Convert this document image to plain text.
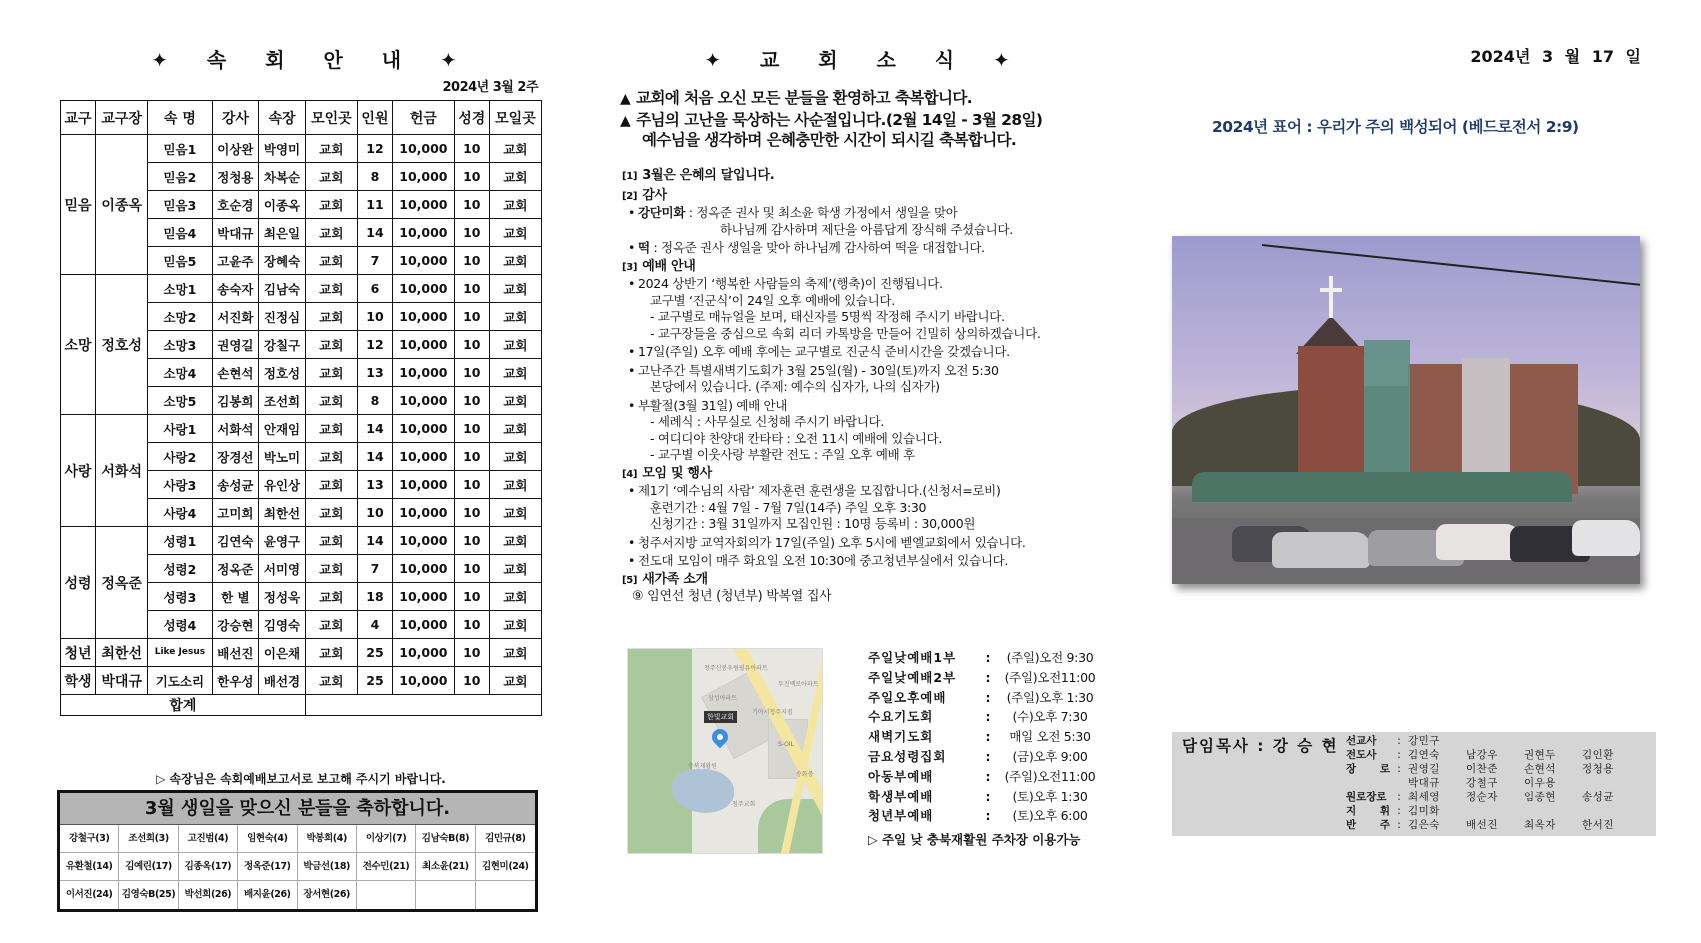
✦ 속 회 안 내 ✦
2024년 3월 2주
교구	교구장	속 명	강사	속장	모인곳	인원	헌금	성경	모일곳
믿음	이종옥	믿음1	이상완	박영미	교회	12	10,000	10	교회
		믿음2	정청용	차복순	교회	8	10,000	10	교회
		믿음3	호순경	이종옥	교회	11	10,000	10	교회
		믿음4	박대규	최은일	교회	14	10,000	10	교회
		믿음5	고윤주	장혜숙	교회	7	10,000	10	교회
소망	정호성	소망1	송숙자	김남숙	교회	6	10,000	10	교회
		소망2	서진화	진정심	교회	10	10,000	10	교회
		소망3	권영길	강칠구	교회	12	10,000	10	교회
		소망4	손현석	정호성	교회	13	10,000	10	교회
		소망5	김봉희	조선희	교회	8	10,000	10	교회
사랑	서화석	사랑1	서화석	안재임	교회	14	10,000	10	교회
		사랑2	장경선	박노미	교회	14	10,000	10	교회
		사랑3	송성균	유인상	교회	13	10,000	10	교회
		사랑4	고미희	최한선	교회	10	10,000	10	교회
성령	정옥준	성령1	김연숙	윤영구	교회	14	10,000	10	교회
		성령2	정옥준	서미영	교회	7	10,000	10	교회
		성령3	한 별	정성욱	교회	18	10,000	10	교회
		성령4	강승현	김영숙	교회	4	10,000	10	교회
청년	최한선	Like Jesus	배선진	이은채	교회	25	10,000	10	교회
학생	박대규	기도소리	한우성	배선경	교회	25	10,000	10	교회
합계									
▷ 속장님은 속회예배보고서로 보고해 주시기 바랍니다.
3월 생일을 맞으신 분들을 축하합니다.
강철구(3)	조선희(3)	고진범(4)	임현숙(4)	박봉희(4)	이상기(7)	김남숙B(8)	김민규(8)
유환철(14)	김예린(17)	김종옥(17)	정옥준(17)	박금선(18)	전수민(21)	최소윤(21)	김현미(24)
이서진(24) 김영숙B(25) 박선희(26)	배지윤(26)	장서현(26)
✦ 교 회 소 식 ✦
▲ 교회에 처음 오신 모든 분들을 환영하고 축복합니다.
▲ 주님의 고난을 묵상하는 사순절입니다.(2월 14일 - 3월 28일)
예수님을 생각하며 은혜충만한 시간이 되시길 축복합니다.
[1] 3월은 은혜의 달입니다.
[2] 감사
• 강단미화 : 정옥준 권사 및 최소윤 학생 가정에서 생일을 맞아
하나님께 감사하며 제단을 아름답게 장식해 주셨습니다.
• 떡 : 정옥준 권사 생일을 맞아 하나님께 감사하여 떡을 대접합니다.
[3] 예배 안내
• 2024 상반기 ‘행복한 사람들의 축제’(행축)이 진행됩니다.
교구별 ‘진군식’이 24일 오후 예배에 있습니다.
- 교구별로 매뉴얼을 보며, 태신자를 5명씩 작정해 주시기 바랍니다.
- 교구장들을 중심으로 속회 리더 카톡방을 만들어 긴밀히 상의하겠습니다.
• 17일(주일) 오후 예배 후에는 교구별로 진군식 준비시간을 갖겠습니다.
• 고난주간 특별새벽기도회가 3월 25일(월) - 30일(토)까지 오전 5:30
본당에서 있습니다. (주제: 예수의 십자가, 나의 십자가)
• 부활절(3월 31일) 예배 안내
- 세례식 : 사무실로 신청해 주시기 바랍니다.
- 여디디야 찬양대 칸타타 : 오전 11시 예배에 있습니다.
- 교구별 이웃사랑 부활란 전도 : 주일 오후 예배 후
[4] 모임 및 행사
• 제1기 ‘예수님의 사람’ 제자훈련 훈련생을 모집합니다.(신청서=로비)
훈련기간 : 4월 7일 - 7월 7일(14주) 주일 오후 3:30
신청기간 : 3월 31일까지 모집인원 : 10명 등록비 : 30,000원
• 청주서지방 교역자회의가 17일(주일) 오후 5시에 벧엘교회에서 있습니다.
• 전도대 모임이 매주 화요일 오전 10:30에 중고청년부실에서 있습니다.
[5] 새가족 소개
⑨ 임연선 청년 (청년부) 박복열 집사
청주신봉우림필유아파트
삼성아파트
두진백로아파트
기아서청주지점
충북재활원
S-OIL
송화중
청주교회
한빛교회
주일낮예배1부	:	(주일)오전 9:30
주일낮예배2부	:	(주일)오전11:00
주일오후예배	:	(주일)오후 1:30
수요기도회	:	(수)오후 7:30
새벽기도회	:	매일 오전 5:30
금요성령집회	:	(금)오후 9:00
아동부예배	:	(주일)오전11:00
학생부예배	:	(토)오후 1:30
청년부예배	:	(토)오후 6:00
▷ 주일 낮 충북재활원 주차장 이용가능
2024년 3 월 17 일
2024년 표어 : 우리가 주의 백성되어 (베드로전서 2:9)
담임목사 : 강 승 현 선교사	: 강민구
전도사	: 김연숙	남강우	권현두	김인환
장 로 : 권영길	이찬준	손현석	정청용
박대규	강철구	이우용
원로장로	: 최세영	정순자	임종현	송성균
지 휘 : 김미화
반 주 : 김은숙	배선진	최옥자	한서진
